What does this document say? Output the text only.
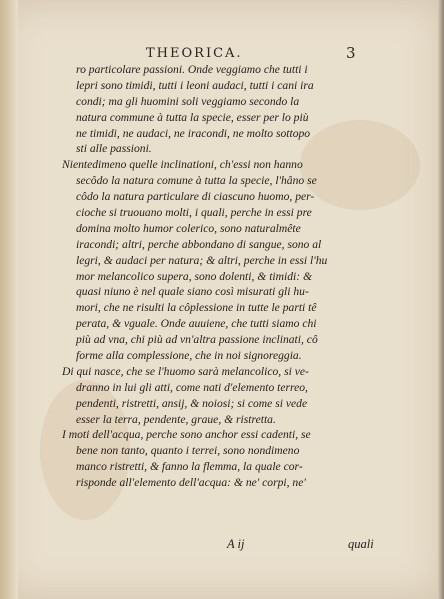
THEORICA.	3
ro particolare passioni. Onde veggiamo che tutti i
lepri sono timidi, tutti i leoni audaci, tutti i cani ira
condi; ma gli huomini soli veggiamo secondo la
natura commune à tutta la specie, esser per lo più
ne timidi, ne audaci, ne iracondi, ne molto sottopo
sti alle passioni.
Nientedimeno quelle inclinationi, ch'essi non hanno
secôdo la natura comune à tutta la specie, l'hâno se
côdo la natura particulare di ciascuno huomo, per-
cioche si truouano molti, i quali, perche in essi pre
domina molto humor colerico, sono naturalmête
iracondi; altri, perche abbondano di sangue, sono al
legri, & audaci per natura; & altri, perche in essi l'hu
mor melancolico supera, sono dolenti, & timidi: &
quasi niuno è nel quale siano così misurati gli hu-
mori, che ne risulti la côplessione in tutte le parti tê
perata, & vguale. Onde auuiene, che tutti siamo chi
più ad vna, chi più ad vn'altra passione inclinati, cô
forme alla complessione, che in noi signoreggia.
Di qui nasce, che se l'huomo sarà melancolico, si ve-
dranno in lui gli atti, come nati d'elemento terreo,
pendenti, ristretti, ansij, & noiosi; si come si vede
esser la terra, pendente, graue, & ristretta.
I moti dell'acqua, perche sono anchor essi cadenti, se
bene non tanto, quanto i terrei, sono nondimeno
manco ristretti, & fanno la flemma, la quale cor-
risponde all'elemento dell'acqua: & ne' corpi, ne'
A ij	quali
